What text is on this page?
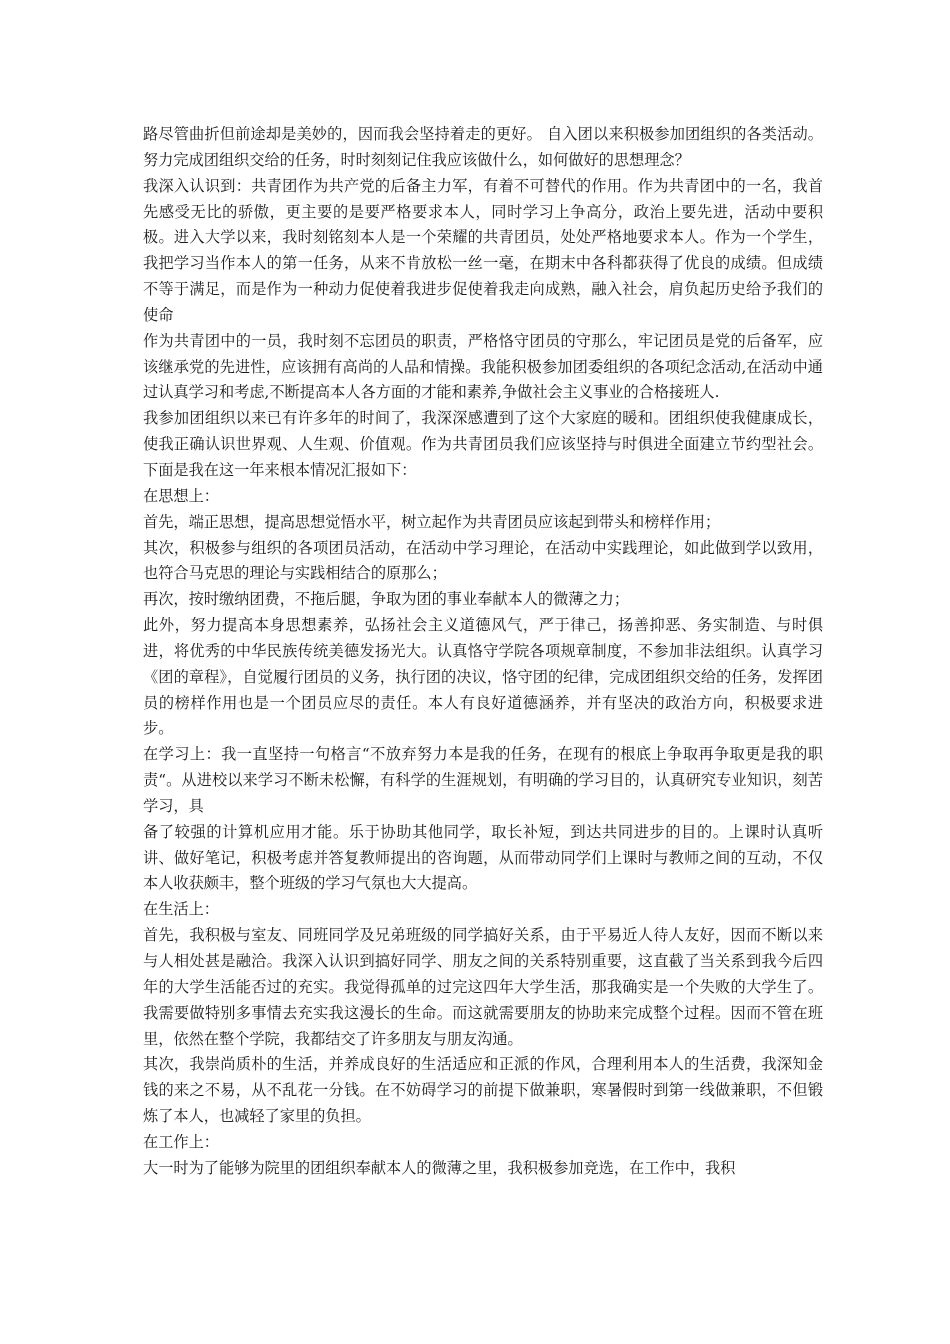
路尽管曲折但前途却是美妙的，因而我会坚持着走的更好。 自入团以来积极参加团组织的各类活动。努力完成团组织交给的任务，时时刻刻记住我应该做什么，如何做好的思想理念？

我深入认识到：共青团作为共产党的后备主力军，有着不可替代的作用。作为共青团中的一名，我首先感受无比的骄傲，更主要的是要严格要求本人，同时学习上争高分，政治上要先进，活动中要积极。进入大学以来，我时刻铭刻本人是一个荣耀的共青团员，处处严格地要求本人。作为一个学生，我把学习当作本人的第一任务，从来不肯放松一丝一毫，在期末中各科都获得了优良的成绩。但成绩不等于满足，而是作为一种动力促使着我进步促使着我走向成熟，融入社会，肩负起历史给予我们的使命

作为共青团中的一员，我时刻不忘团员的职责，严格恪守团员的守那么，牢记团员是党的后备军，应该继承党的先进性，应该拥有高尚的人品和情操。我能积极参加团委组织的各项纪念活动,在活动中通过认真学习和考虑,不断提高本人各方面的才能和素养,争做社会主义事业的合格接班人.

我参加团组织以来已有许多年的时间了，我深深感遭到了这个大家庭的暖和。团组织使我健康成长，使我正确认识世界观、人生观、价值观。作为共青团员我们应该坚持与时俱进全面建立节约型社会。下面是我在这一年来根本情况汇报如下：

在思想上：

首先，端正思想，提高思想觉悟水平，树立起作为共青团员应该起到带头和榜样作用；

其次，积极参与组织的各项团员活动，在活动中学习理论，在活动中实践理论，如此做到学以致用，也符合马克思的理论与实践相结合的原那么；

再次，按时缴纳团费，不拖后腿，争取为团的事业奉献本人的微薄之力；

此外，努力提高本身思想素养，弘扬社会主义道德风气，严于律己，扬善抑恶、务实制造、与时俱进，将优秀的中华民族传统美德发扬光大。认真恪守学院各项规章制度，不参加非法组织。认真学习《团的章程》，自觉履行团员的义务，执行团的决议，恪守团的纪律，完成团组织交给的任务，发挥团员的榜样作用也是一个团员应尽的责任。本人有良好道德涵养，并有坚决的政治方向，积极要求进步。

在学习上：我一直坚持一句格言“不放弃努力本是我的任务，在现有的根底上争取再争取更是我的职责“。从进校以来学习不断未松懈，有科学的生涯规划，有明确的学习目的，认真研究专业知识，刻苦学习，具

备了较强的计算机应用才能。乐于协助其他同学，取长补短，到达共同进步的目的。上课时认真听讲、做好笔记，积极考虑并答复教师提出的咨询题，从而带动同学们上课时与教师之间的互动，不仅本人收获颇丰，整个班级的学习气氛也大大提高。

在生活上：

首先，我积极与室友、同班同学及兄弟班级的同学搞好关系，由于平易近人待人友好，因而不断以来与人相处甚是融洽。我深入认识到搞好同学、朋友之间的关系特别重要，这直截了当关系到我今后四年的大学生活能否过的充实。我觉得孤单的过完这四年大学生活，那我确实是一个失败的大学生了。我需要做特别多事情去充实我这漫长的生命。而这就需要朋友的协助来完成整个过程。因而不管在班里，依然在整个学院，我都结交了许多朋友与朋友沟通。

其次，我崇尚质朴的生活，并养成良好的生活适应和正派的作风，合理利用本人的生活费，我深知金钱的来之不易，从不乱花一分钱。在不妨碍学习的前提下做兼职，寒暑假时到第一线做兼职，不但锻炼了本人，也减轻了家里的负担。

在工作上：

大一时为了能够为院里的团组织奉献本人的微薄之里，我积极参加竞选，在工作中，我积
